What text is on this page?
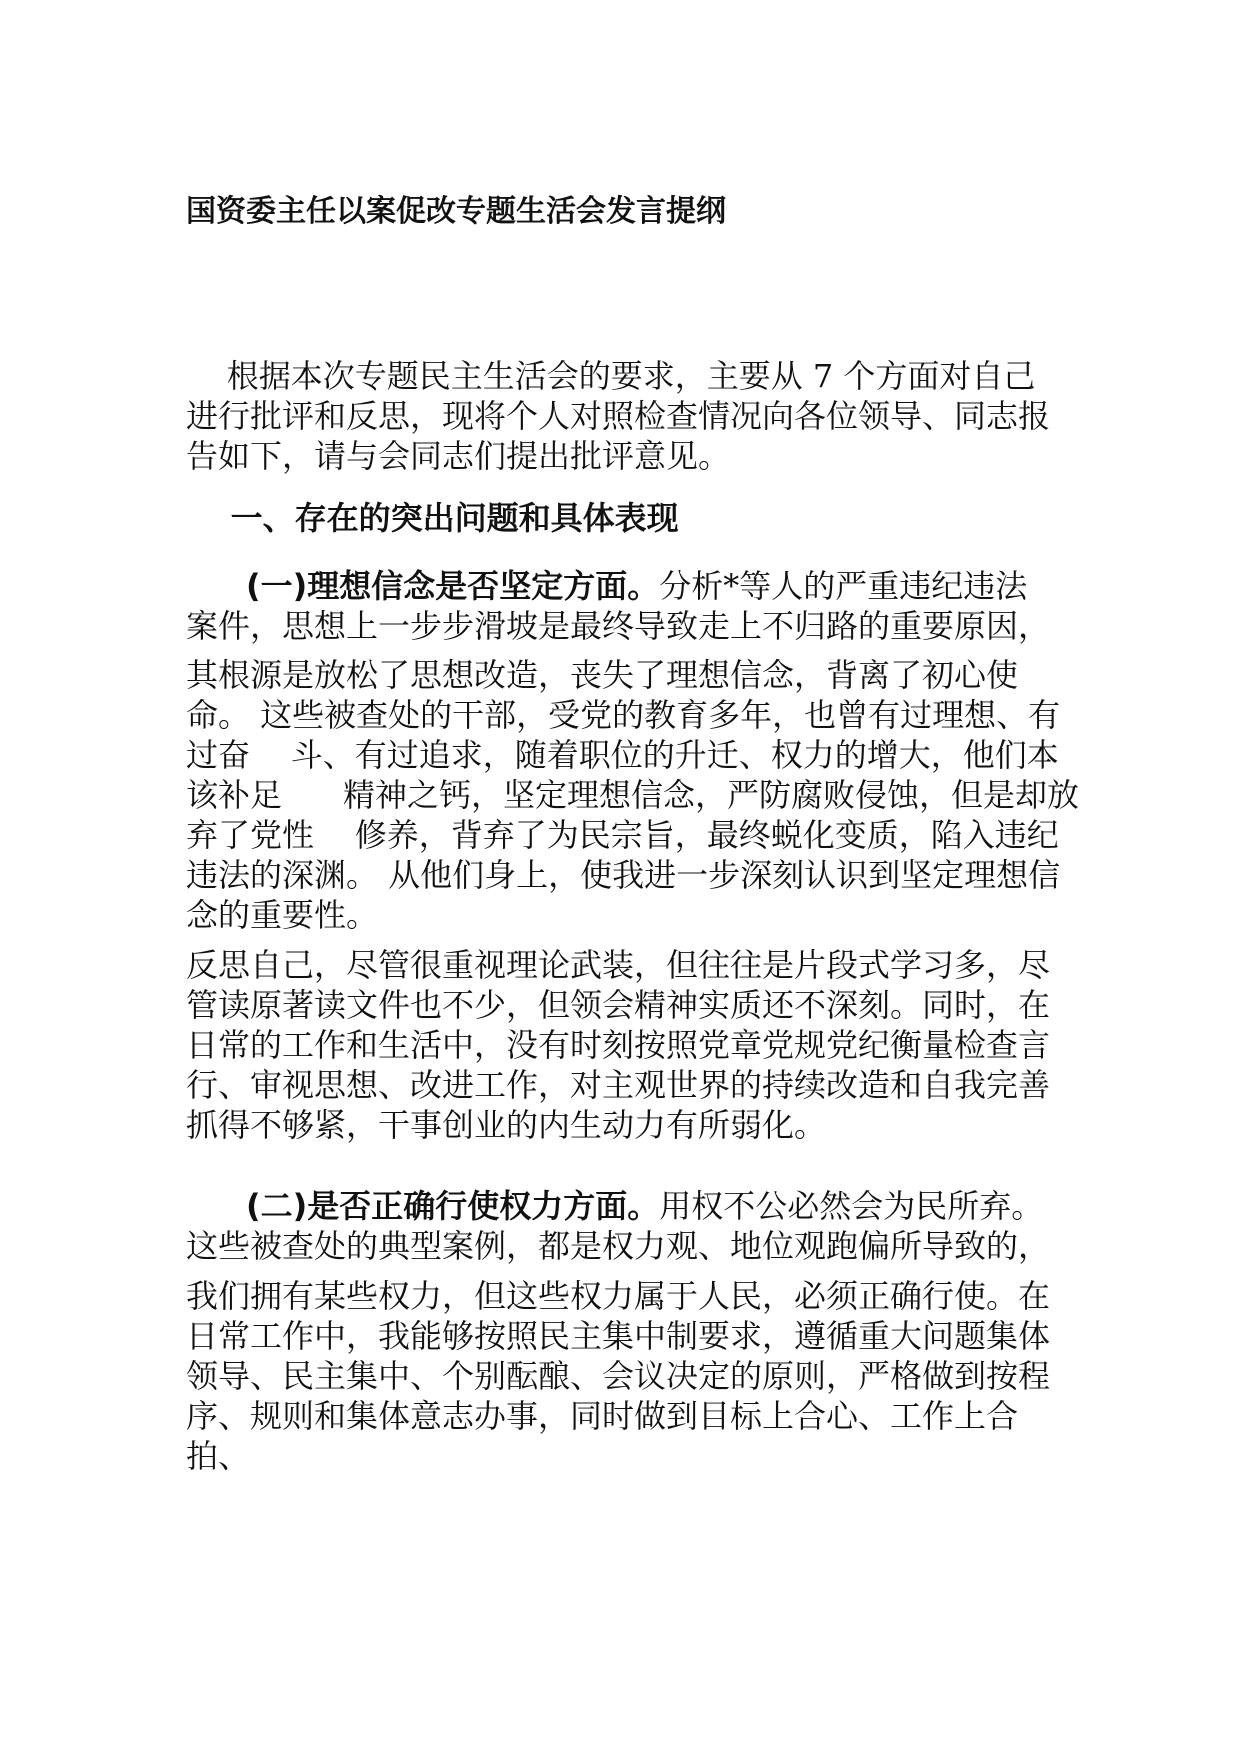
国资委主任以案促改专题生活会发言提纲
根据本次专题民主生活会的要求，主要从 7 个方面对自己
进行批评和反思，现将个人对照检查情况向各位领导、同志报
告如下，请与会同志们提出批评意见。
一、存在的突出问题和具体表现
(一)理想信念是否坚定方面。分析*等人的严重违纪违法
案件，思想上一步步滑坡是最终导致走上不归路的重要原因，
其根源是放松了思想改造，丧失了理想信念，背离了初心使
命。 这些被查处的干部，受党的教育多年，也曾有过理想、有
过奋    斗、有过追求，随着职位的升迁、权力的增大，他们本
该补足      精神之钙，坚定理想信念，严防腐败侵蚀，但是却放
弃了党性    修养，背弃了为民宗旨，最终蜕化变质，陷入违纪
违法的深渊。 从他们身上，使我进一步深刻认识到坚定理想信
念的重要性。
反思自己，尽管很重视理论武装，但往往是片段式学习多，尽
管读原著读文件也不少，但领会精神实质还不深刻。同时，在
日常的工作和生活中，没有时刻按照党章党规党纪衡量检查言
行、审视思想、改进工作，对主观世界的持续改造和自我完善
抓得不够紧，干事创业的内生动力有所弱化。
(二)是否正确行使权力方面。用权不公必然会为民所弃。
这些被查处的典型案例，都是权力观、地位观跑偏所导致的，
我们拥有某些权力，但这些权力属于人民，必须正确行使。在
日常工作中，我能够按照民主集中制要求，遵循重大问题集体
领导、民主集中、个别酝酿、会议决定的原则，严格做到按程
序、规则和集体意志办事，同时做到目标上合心、工作上合
拍、
